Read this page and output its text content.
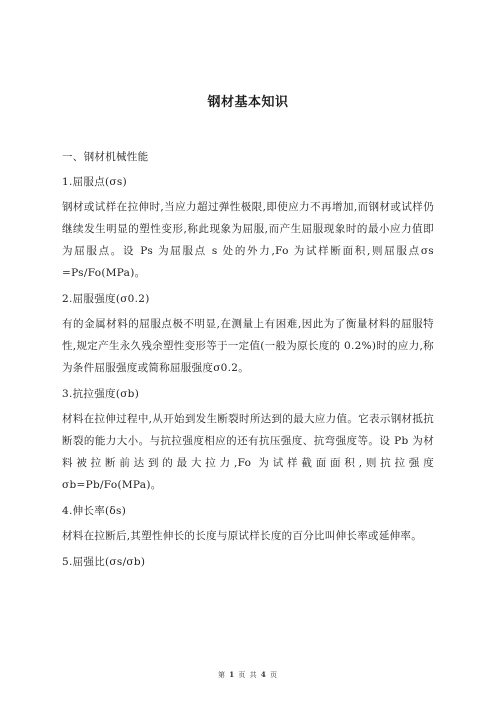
钢材基本知识

一、钢材机械性能

1.屈服点(σs)

钢材或试样在拉伸时,当应力超过弹性极限,即使应力不再增加,而钢材或试样仍继续发生明显的塑性变形,称此现象为屈服,而产生屈服现象时的最小应力值即为屈服点。设 Ps 为屈服点 s 处的外力,Fo 为试样断面积,则屈服点σs =Ps/Fo(MPa)。

2.屈服强度(σ0.2)

有的金属材料的屈服点极不明显,在测量上有困难,因此为了衡量材料的屈服特性,规定产生永久残余塑性变形等于一定值(一般为原长度的 0.2%)时的应力,称为条件屈服强度或简称屈服强度σ0.2。

3.抗拉强度(σb)

材料在拉伸过程中,从开始到发生断裂时所达到的最大应力值。它表示钢材抵抗断裂的能力大小。与抗拉强度相应的还有抗压强度、抗弯强度等。设 Pb 为材料被拉断前达到的最大拉力,Fo 为试样截面面积,则抗拉强度σb=Pb/Fo(MPa)。

4.伸长率(δs)

材料在拉断后,其塑性伸长的长度与原试样长度的百分比叫伸长率或延伸率。

5.屈强比(σs/σb)

第 1 页 共 4 页
